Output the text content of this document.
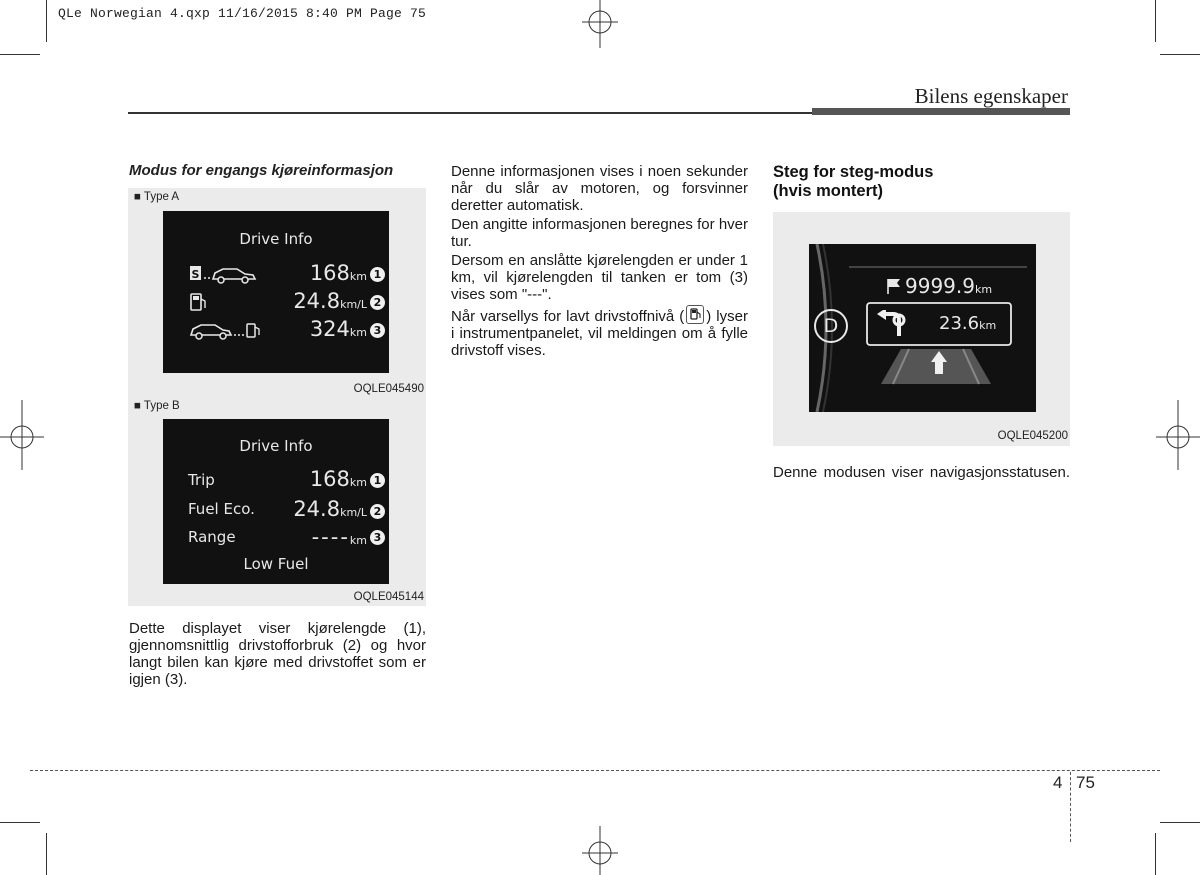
QLe Norwegian 4.qxp 11/16/2015 8:40 PM Page 75
Bilens egenskaper
Modus for engangs kjøreinformasjon
■ Type A
Drive Info
S	168km 1
24.8km/L 2
324km 3
OQLE045490
■ Type B
Drive Info
Trip	168km 1
Fuel Eco. 24.8km/L 2
Range	----km 3
Low Fuel
OQLE045144
Dette displayet viser kjørelengde (1), gjennomsnittlig drivstofforbruk (2) og hvor langt bilen kan kjøre med drivstoffet som er igjen (3).

Denne informasjonen vises i noen sekunder når du slår av motoren, og forsvinner deretter automatisk.

Den angitte informasjonen beregnes for hver tur.

Dersom en anslåtte kjørelengden er under 1 km, vil kjørelengden til tanken er tom (3) vises som "---".

Når varsellys for lavt drivstoffnivå ( ) lyser i instrumentpanelet, vil meldingen om å fylle drivstoff vises.

Steg for steg-modus
(hvis montert)
D
9999.9km
23.6km
OQLE045200
Denne modusen viser navigasjonsstatusen.
4 75
